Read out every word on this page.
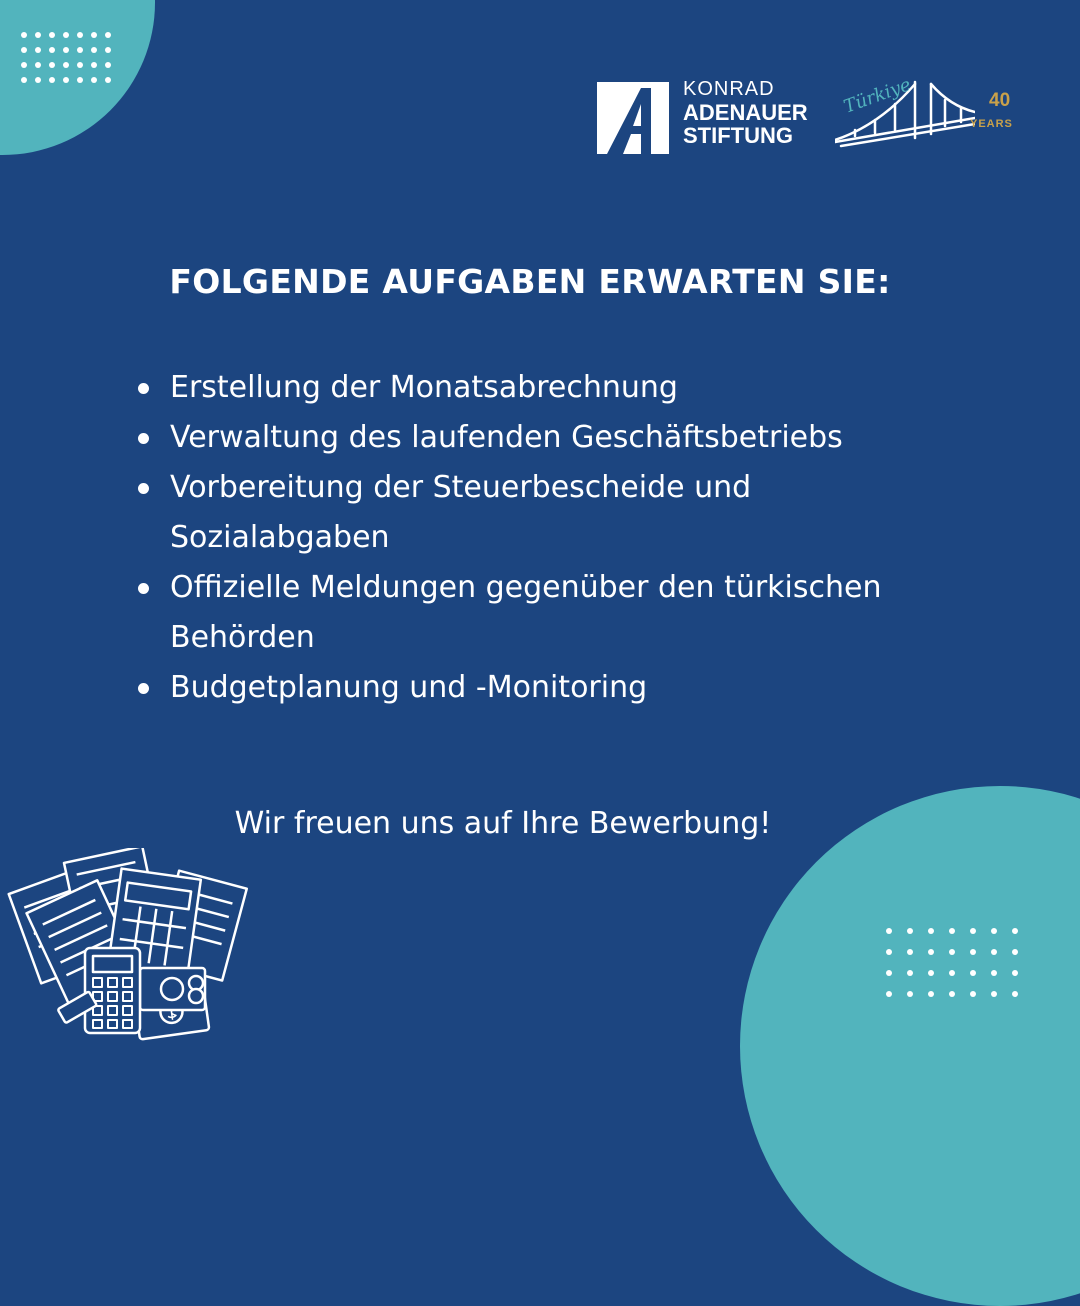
KONRAD
ADENAUER
STIFTUNG
Türkiye	40
YEARS
FOLGENDE AUFGABEN ERWARTEN SIE:
Erstellung der Monatsabrechnung
Verwaltung des laufenden Geschäftsbetriebs
Vorbereitung der Steuerbescheide und Sozialabgaben
Offizielle Meldungen gegenüber den türkischen Behörden
Budgetplanung und -Monitoring

Wir freuen uns auf Ihre Bewerbung!
